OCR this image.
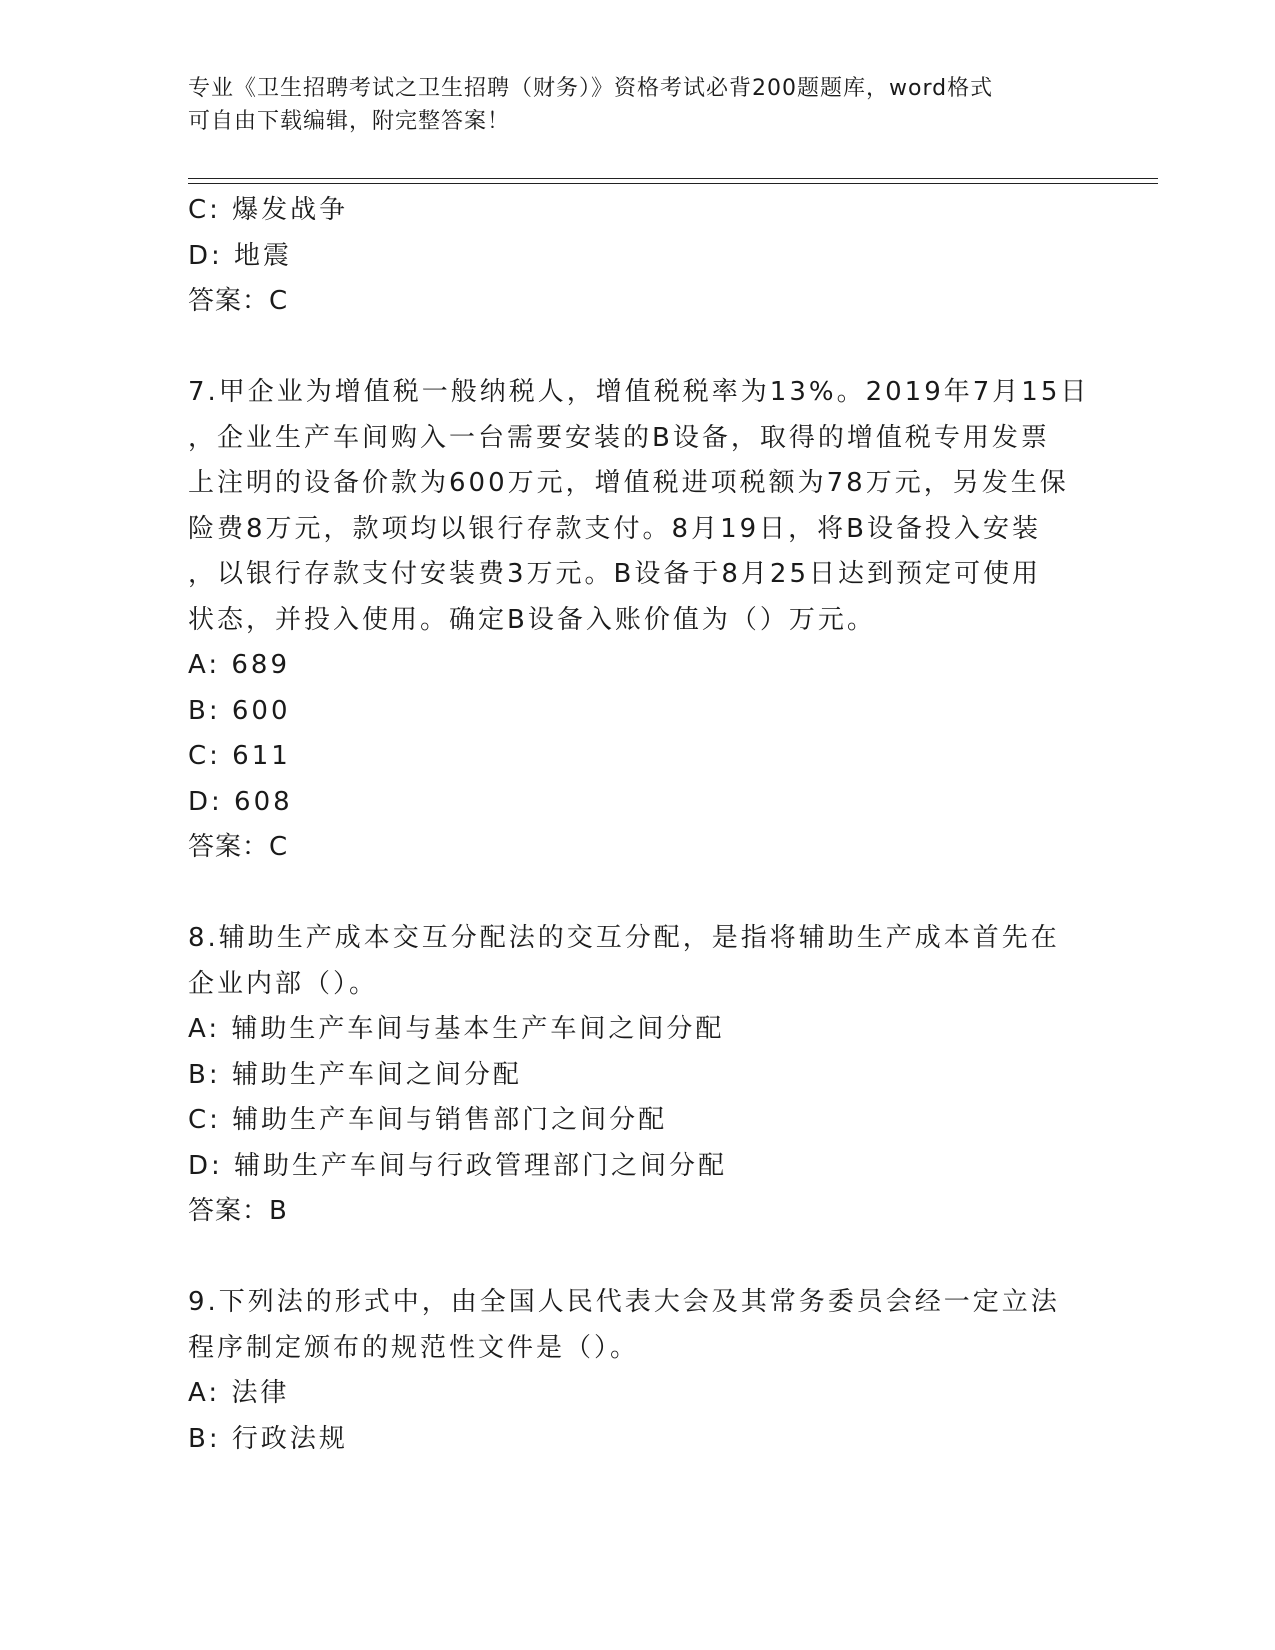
专业《卫生招聘考试之卫生招聘（财务）》资格考试必背200题题库，word格式
可自由下载编辑，附完整答案！
C: 爆发战争
D: 地震
答案：C
7.甲企业为增值税一般纳税人，增值税税率为13%。2019年7月15日
，企业生产车间购入一台需要安装的B设备，取得的增值税专用发票
上注明的设备价款为600万元，增值税进项税额为78万元，另发生保
险费8万元，款项均以银行存款支付。8月19日，将B设备投入安装
，以银行存款支付安装费3万元。B设备于8月25日达到预定可使用
状态，并投入使用。确定B设备入账价值为（）万元。
A: 689
B: 600
C: 611
D: 608
答案：C
8.辅助生产成本交互分配法的交互分配，是指将辅助生产成本首先在
企业内部（）。
A: 辅助生产车间与基本生产车间之间分配
B: 辅助生产车间之间分配
C: 辅助生产车间与销售部门之间分配
D: 辅助生产车间与行政管理部门之间分配
答案：B
9.下列法的形式中，由全国人民代表大会及其常务委员会经一定立法
程序制定颁布的规范性文件是（）。
A: 法律
B: 行政法规
